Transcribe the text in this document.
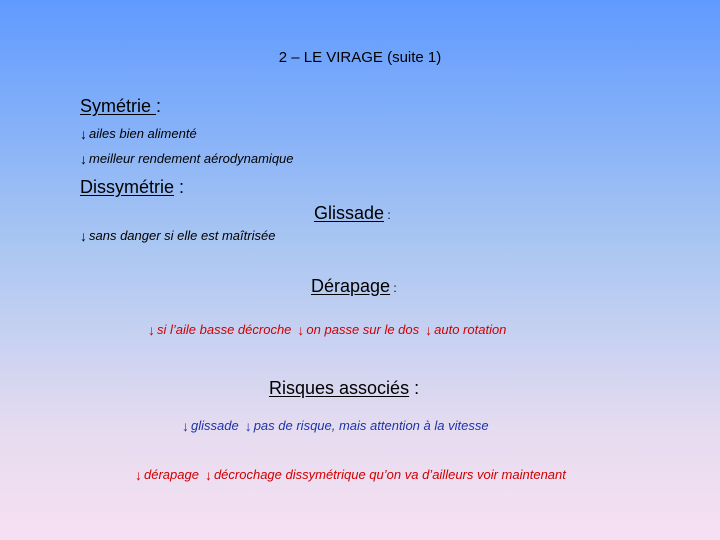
2 – LE VIRAGE (suite 1)
Symétrie :
↓ ailes bien alimenté
↓ meilleur rendement aérodynamique
Dissymétrie :
Glissade :
↓ sans danger si elle est maîtrisée
Dérapage :
↓ si l’aile basse décroche ↓ on passe sur le dos ↓ auto rotation
Risques associés :
↓ glissade ↓ pas de risque, mais attention à la vitesse
↓ dérapage ↓ décrochage dissymétrique qu’on va d’ailleurs voir maintenant
